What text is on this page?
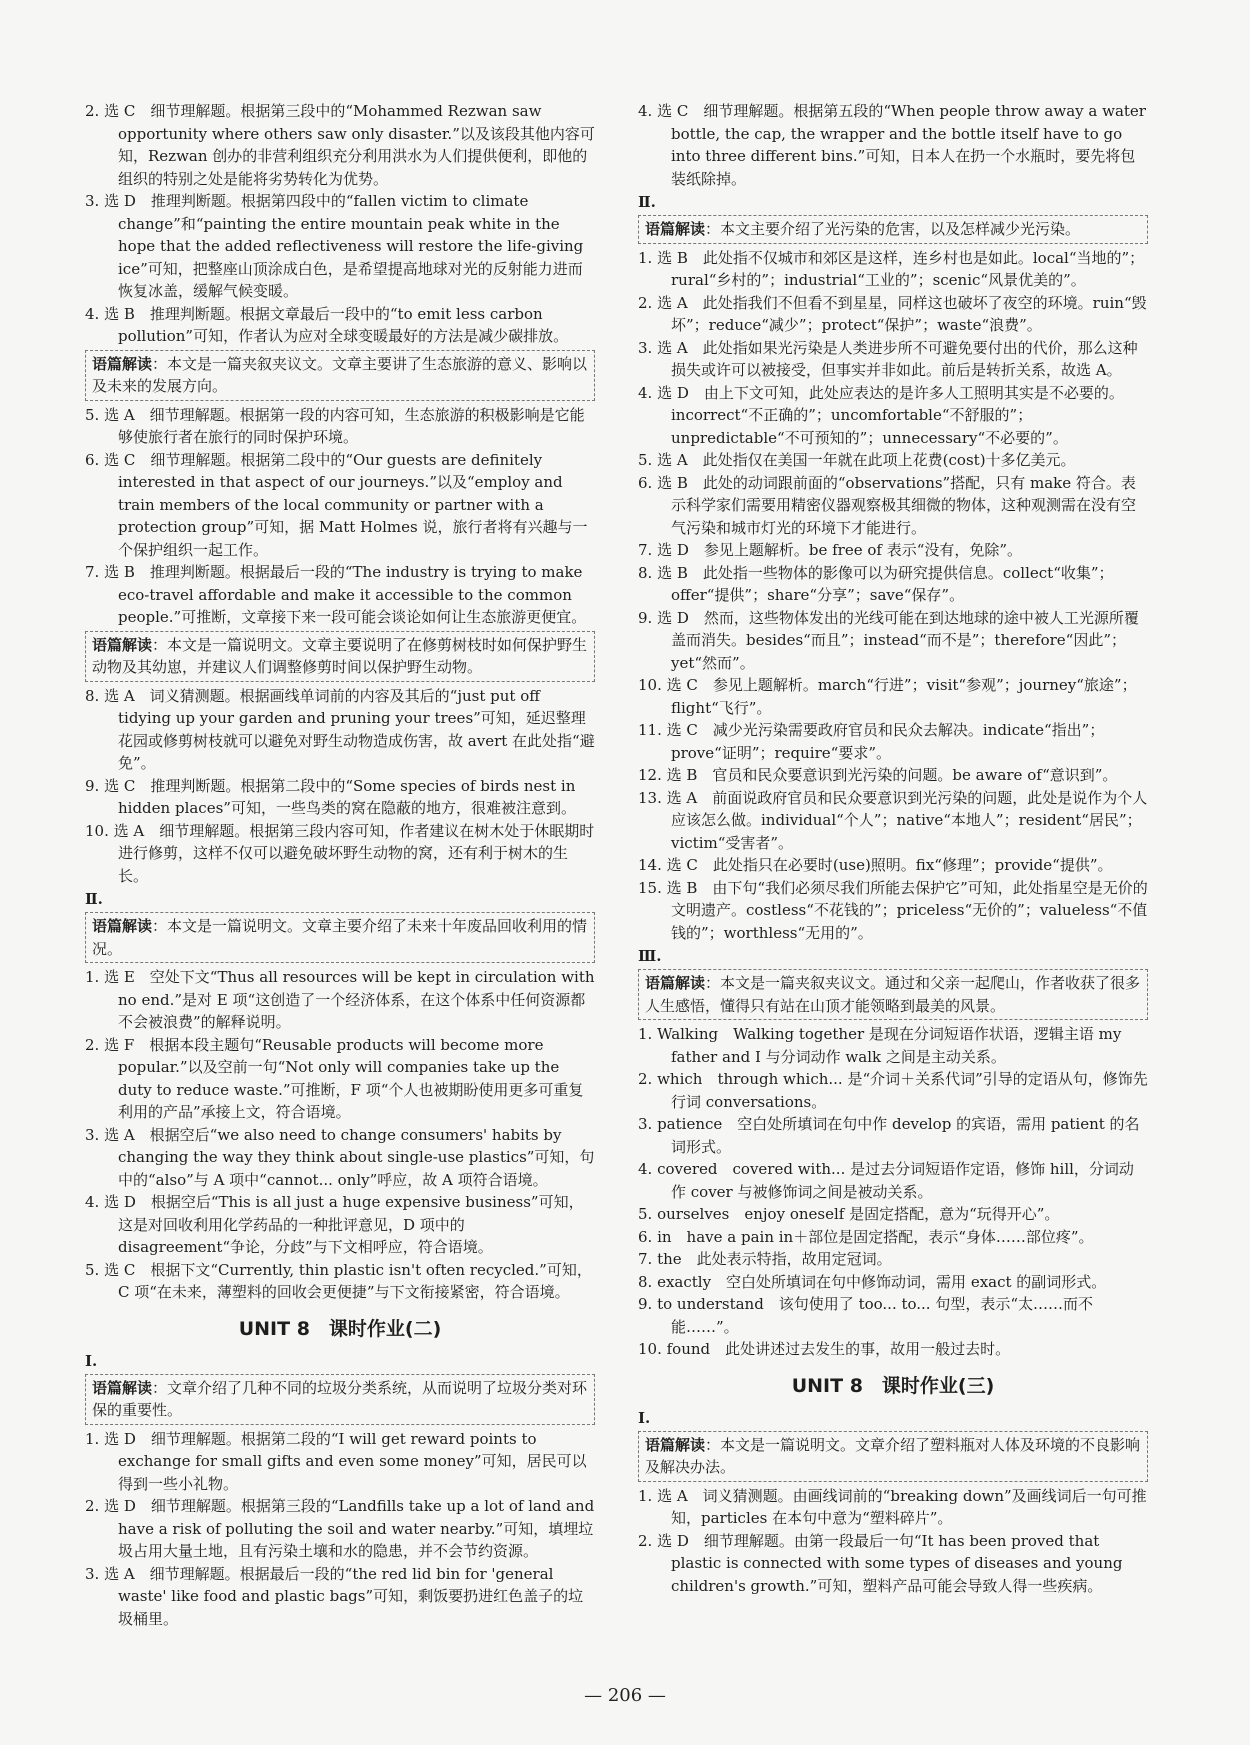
2. 选 C　细节理解题。根据第三段中的“Mohammed Rezwan saw opportunity where others saw only disaster.”以及该段其他内容可知，Rezwan 创办的非营利组织充分利用洪水为人们提供便利，即他的组织的特别之处是能将劣势转化为优势。

3. 选 D　推理判断题。根据第四段中的“fallen victim to climate change”和“painting the entire mountain peak white in the hope that the added reflectiveness will restore the life-giving ice”可知，把整座山顶涂成白色，是希望提高地球对光的反射能力进而恢复冰盖，缓解气候变暖。

4. 选 B　推理判断题。根据文章最后一段中的“to emit less carbon pollution”可知，作者认为应对全球变暖最好的方法是减少碳排放。

语篇解读：本文是一篇夹叙夹议文。文章主要讲了生态旅游的意义、影响以及未来的发展方向。

5. 选 A　细节理解题。根据第一段的内容可知，生态旅游的积极影响是它能够使旅行者在旅行的同时保护环境。

6. 选 C　细节理解题。根据第二段中的“Our guests are definitely interested in that aspect of our journeys.”以及“employ and train members of the local community or partner with a protection group”可知，据 Matt Holmes 说，旅行者将有兴趣与一个保护组织一起工作。

7. 选 B　推理判断题。根据最后一段的“The industry is trying to make eco-travel affordable and make it accessible to the common people.”可推断，文章接下来一段可能会谈论如何让生态旅游更便宜。

语篇解读：本文是一篇说明文。文章主要说明了在修剪树枝时如何保护野生动物及其幼崽，并建议人们调整修剪时间以保护野生动物。

8. 选 A　词义猜测题。根据画线单词前的内容及其后的“just put off tidying up your garden and pruning your trees”可知，延迟整理花园或修剪树枝就可以避免对野生动物造成伤害，故 avert 在此处指“避免”。

9. 选 C　推理判断题。根据第二段中的“Some species of birds nest in hidden places”可知，一些鸟类的窝在隐蔽的地方，很难被注意到。

10. 选 A　细节理解题。根据第三段内容可知，作者建议在树木处于休眠期时进行修剪，这样不仅可以避免破坏野生动物的窝，还有利于树木的生长。

Ⅱ.
语篇解读：本文是一篇说明文。文章主要介绍了未来十年废品回收利用的情况。

1. 选 E　空处下文“Thus all resources will be kept in circulation with no end.”是对 E 项“这创造了一个经济体系，在这个体系中任何资源都不会被浪费”的解释说明。

2. 选 F　根据本段主题句“Reusable products will become more popular.”以及空前一句“Not only will companies take up the duty to reduce waste.”可推断，F 项“个人也被期盼使用更多可重复利用的产品”承接上文，符合语境。

3. 选 A　根据空后“we also need to change consumers' habits by changing the way they think about single-use plastics”可知，句中的“also”与 A 项中“cannot... only”呼应，故 A 项符合语境。

4. 选 D　根据空后“This is all just a huge expensive business”可知，这是对回收利用化学药品的一种批评意见，D 项中的 disagreement“争论，分歧”与下文相呼应，符合语境。

5. 选 C　根据下文“Currently, thin plastic isn't often recycled.”可知，C 项“在未来，薄塑料的回收会更便捷”与下文衔接紧密，符合语境。

UNIT 8　课时作业(二)
Ⅰ.
语篇解读：文章介绍了几种不同的垃圾分类系统，从而说明了垃圾分类对环保的重要性。

1. 选 D　细节理解题。根据第二段的“I will get reward points to exchange for small gifts and even some money”可知，居民可以得到一些小礼物。

2. 选 D　细节理解题。根据第三段的“Landfills take up a lot of land and have a risk of polluting the soil and water nearby.”可知，填埋垃圾占用大量土地，且有污染土壤和水的隐患，并不会节约资源。

3. 选 A　细节理解题。根据最后一段的“the red lid bin for 'general waste' like food and plastic bags”可知，剩饭要扔进红色盖子的垃圾桶里。

4. 选 C　细节理解题。根据第五段的“When people throw away a water bottle, the cap, the wrapper and the bottle itself have to go into three different bins.”可知，日本人在扔一个水瓶时，要先将包装纸除掉。

Ⅱ.
语篇解读：本文主要介绍了光污染的危害，以及怎样减少光污染。

1. 选 B　此处指不仅城市和郊区是这样，连乡村也是如此。local“当地的”；rural“乡村的”；industrial“工业的”；scenic“风景优美的”。

2. 选 A　此处指我们不但看不到星星，同样这也破坏了夜空的环境。ruin“毁坏”；reduce“减少”；protect“保护”；waste“浪费”。

3. 选 A　此处指如果光污染是人类进步所不可避免要付出的代价，那么这种损失或许可以被接受，但事实并非如此。前后是转折关系，故选 A。

4. 选 D　由上下文可知，此处应表达的是许多人工照明其实是不必要的。incorrect“不正确的”；uncomfortable“不舒服的”；unpredictable“不可预知的”；unnecessary“不必要的”。

5. 选 A　此处指仅在美国一年就在此项上花费(cost)十多亿美元。

6. 选 B　此处的动词跟前面的“observations”搭配，只有 make 符合。表示科学家们需要用精密仪器观察极其细微的物体，这种观测需在没有空气污染和城市灯光的环境下才能进行。

7. 选 D　参见上题解析。be free of 表示“没有，免除”。

8. 选 B　此处指一些物体的影像可以为研究提供信息。collect“收集”；offer“提供”；share“分享”；save“保存”。

9. 选 D　然而，这些物体发出的光线可能在到达地球的途中被人工光源所覆盖而消失。besides“而且”；instead“而不是”；therefore“因此”；yet“然而”。

10. 选 C　参见上题解析。march“行进”；visit“参观”；journey“旅途”；flight“飞行”。

11. 选 C　减少光污染需要政府官员和民众去解决。indicate“指出”；prove“证明”；require“要求”。

12. 选 B　官员和民众要意识到光污染的问题。be aware of“意识到”。

13. 选 A　前面说政府官员和民众要意识到光污染的问题，此处是说作为个人应该怎么做。individual“个人”；native“本地人”；resident“居民”；victim“受害者”。

14. 选 C　此处指只在必要时(use)照明。fix“修理”；provide“提供”。

15. 选 B　由下句“我们必须尽我们所能去保护它”可知，此处指星空是无价的文明遗产。costless“不花钱的”；priceless“无价的”；valueless“不值钱的”；worthless“无用的”。

Ⅲ.
语篇解读：本文是一篇夹叙夹议文。通过和父亲一起爬山，作者收获了很多人生感悟，懂得只有站在山顶才能领略到最美的风景。

1. Walking　Walking together 是现在分词短语作状语，逻辑主语 my father and I 与分词动作 walk 之间是主动关系。

2. which　through which... 是“介词＋关系代词”引导的定语从句，修饰先行词 conversations。

3. patience　空白处所填词在句中作 develop 的宾语，需用 patient 的名词形式。

4. covered　covered with... 是过去分词短语作定语，修饰 hill，分词动作 cover 与被修饰词之间是被动关系。

5. ourselves　enjoy oneself 是固定搭配，意为“玩得开心”。

6. in　have a pain in＋部位是固定搭配，表示“身体……部位疼”。

7. the　此处表示特指，故用定冠词。

8. exactly　空白处所填词在句中修饰动词，需用 exact 的副词形式。

9. to understand　该句使用了 too... to... 句型，表示“太……而不能……”。

10. found　此处讲述过去发生的事，故用一般过去时。

UNIT 8　课时作业(三)
Ⅰ.
语篇解读：本文是一篇说明文。文章介绍了塑料瓶对人体及环境的不良影响及解决办法。

1. 选 A　词义猜测题。由画线词前的“breaking down”及画线词后一句可推知，particles 在本句中意为“塑料碎片”。

2. 选 D　细节理解题。由第一段最后一句“It has been proved that plastic is connected with some types of diseases and young children's growth.”可知，塑料产品可能会导致人得一些疾病。

— 206 —
